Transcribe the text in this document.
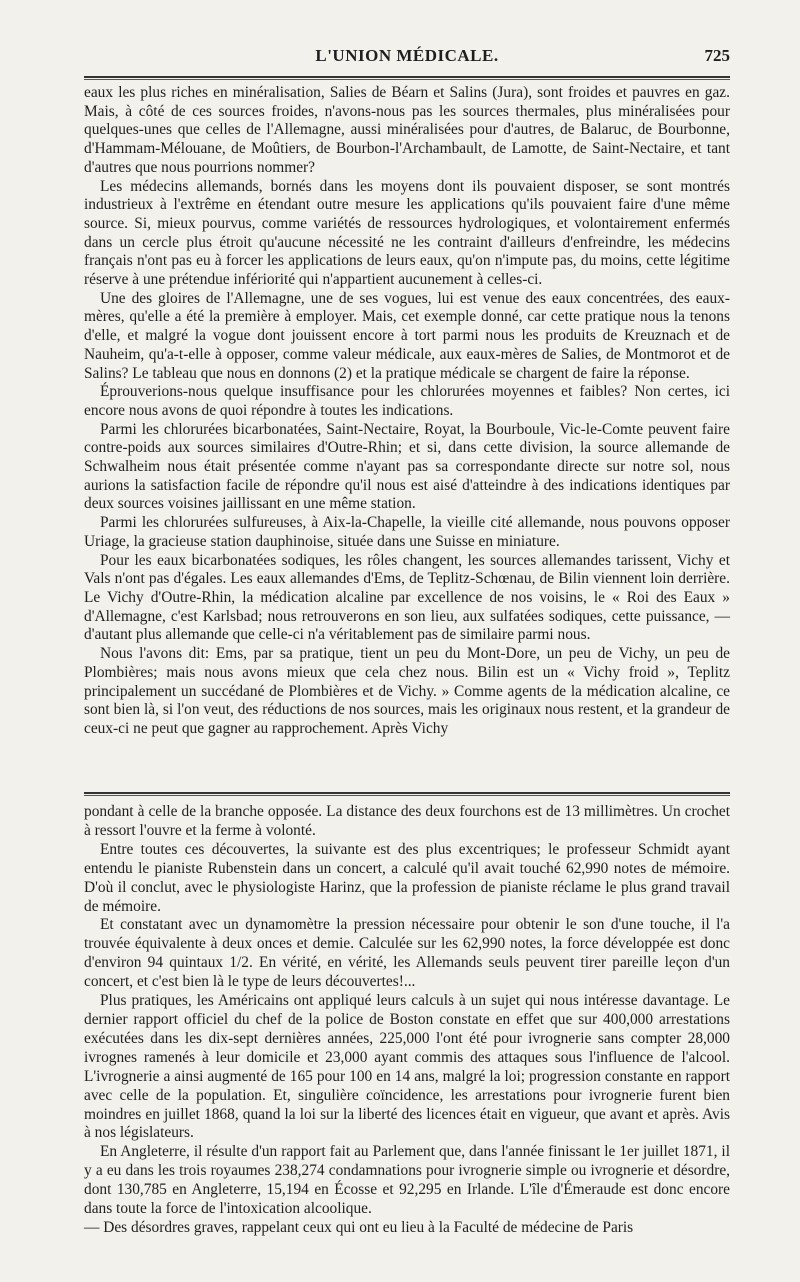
L'UNION MÉDICALE.	725

eaux les plus riches en minéralisation, Salies de Béarn et Salins (Jura), sont froides et pauvres en gaz. Mais, à côté de ces sources froides, n'avons-nous pas les sources thermales, plus minéralisées pour quelques-unes que celles de l'Allemagne, aussi minéralisées pour d'autres, de Balaruc, de Bourbonne, d'Hammam-Mélouane, de Moûtiers, de Bourbon-l'Archambault, de Lamotte, de Saint-Nectaire, et tant d'autres que nous pourrions nommer?

Les médecins allemands, bornés dans les moyens dont ils pouvaient disposer, se sont montrés industrieux à l'extrême en étendant outre mesure les applications qu'ils pouvaient faire d'une même source. Si, mieux pourvus, comme variétés de ressources hydrologiques, et volontairement enfermés dans un cercle plus étroit qu'aucune nécessité ne les contraint d'ailleurs d'enfreindre, les médecins français n'ont pas eu à forcer les applications de leurs eaux, qu'on n'impute pas, du moins, cette légitime réserve à une prétendue infériorité qui n'appartient aucunement à celles-ci.

Une des gloires de l'Allemagne, une de ses vogues, lui est venue des eaux concentrées, des eaux-mères, qu'elle a été la première à employer. Mais, cet exemple donné, car cette pratique nous la tenons d'elle, et malgré la vogue dont jouissent encore à tort parmi nous les produits de Kreuznach et de Nauheim, qu'a-t-elle à opposer, comme valeur médicale, aux eaux-mères de Salies, de Montmorot et de Salins? Le tableau que nous en donnons (2) et la pratique médicale se chargent de faire la réponse.

Éprouverions-nous quelque insuffisance pour les chlorurées moyennes et faibles? Non certes, ici encore nous avons de quoi répondre à toutes les indications.

Parmi les chlorurées bicarbonatées, Saint-Nectaire, Royat, la Bourboule, Vic-le-Comte peuvent faire contre-poids aux sources similaires d'Outre-Rhin; et si, dans cette division, la source allemande de Schwalheim nous était présentée comme n'ayant pas sa correspondante directe sur notre sol, nous aurions la satisfaction facile de répondre qu'il nous est aisé d'atteindre à des indications identiques par deux sources voisines jaillissant en une même station.

Parmi les chlorurées sulfureuses, à Aix-la-Chapelle, la vieille cité allemande, nous pouvons opposer Uriage, la gracieuse station dauphinoise, située dans une Suisse en miniature.

Pour les eaux bicarbonatées sodiques, les rôles changent, les sources allemandes tarissent, Vichy et Vals n'ont pas d'égales. Les eaux allemandes d'Ems, de Teplitz-Schœnau, de Bilin viennent loin derrière. Le Vichy d'Outre-Rhin, la médication alcaline par excellence de nos voisins, le « Roi des Eaux » d'Allemagne, c'est Karlsbad; nous retrouverons en son lieu, aux sulfatées sodiques, cette puissance, — d'autant plus allemande que celle-ci n'a véritablement pas de similaire parmi nous.

Nous l'avons dit: Ems, par sa pratique, tient un peu du Mont-Dore, un peu de Vichy, un peu de Plombières; mais nous avons mieux que cela chez nous. Bilin est un « Vichy froid », Teplitz principalement un succédané de Plombières et de Vichy. » Comme agents de la médication alcaline, ce sont bien là, si l'on veut, des réductions de nos sources, mais les originaux nous restent, et la grandeur de ceux-ci ne peut que gagner au rapprochement. Après Vichy

pondant à celle de la branche opposée. La distance des deux fourchons est de 13 millimètres. Un crochet à ressort l'ouvre et la ferme à volonté.

Entre toutes ces découvertes, la suivante est des plus excentriques; le professeur Schmidt ayant entendu le pianiste Rubenstein dans un concert, a calculé qu'il avait touché 62,990 notes de mémoire. D'où il conclut, avec le physiologiste Harinz, que la profession de pianiste réclame le plus grand travail de mémoire.

Et constatant avec un dynamomètre la pression nécessaire pour obtenir le son d'une touche, il l'a trouvée équivalente à deux onces et demie. Calculée sur les 62,990 notes, la force développée est donc d'environ 94 quintaux 1/2. En vérité, en vérité, les Allemands seuls peuvent tirer pareille leçon d'un concert, et c'est bien là le type de leurs découvertes!...

Plus pratiques, les Américains ont appliqué leurs calculs à un sujet qui nous intéresse davantage. Le dernier rapport officiel du chef de la police de Boston constate en effet que sur 400,000 arrestations exécutées dans les dix-sept dernières années, 225,000 l'ont été pour ivrognerie sans compter 28,000 ivrognes ramenés à leur domicile et 23,000 ayant commis des attaques sous l'influence de l'alcool. L'ivrognerie a ainsi augmenté de 165 pour 100 en 14 ans, malgré la loi; progression constante en rapport avec celle de la population. Et, singulière coïncidence, les arrestations pour ivrognerie furent bien moindres en juillet 1868, quand la loi sur la liberté des licences était en vigueur, que avant et après. Avis à nos législateurs.

En Angleterre, il résulte d'un rapport fait au Parlement que, dans l'année finissant le 1er juillet 1871, il y a eu dans les trois royaumes 238,274 condamnations pour ivrognerie simple ou ivrognerie et désordre, dont 130,785 en Angleterre, 15,194 en Écosse et 92,295 en Irlande. L'île d'Émeraude est donc encore dans toute la force de l'intoxication alcoolique.

— Des désordres graves, rappelant ceux qui ont eu lieu à la Faculté de médecine de Paris
